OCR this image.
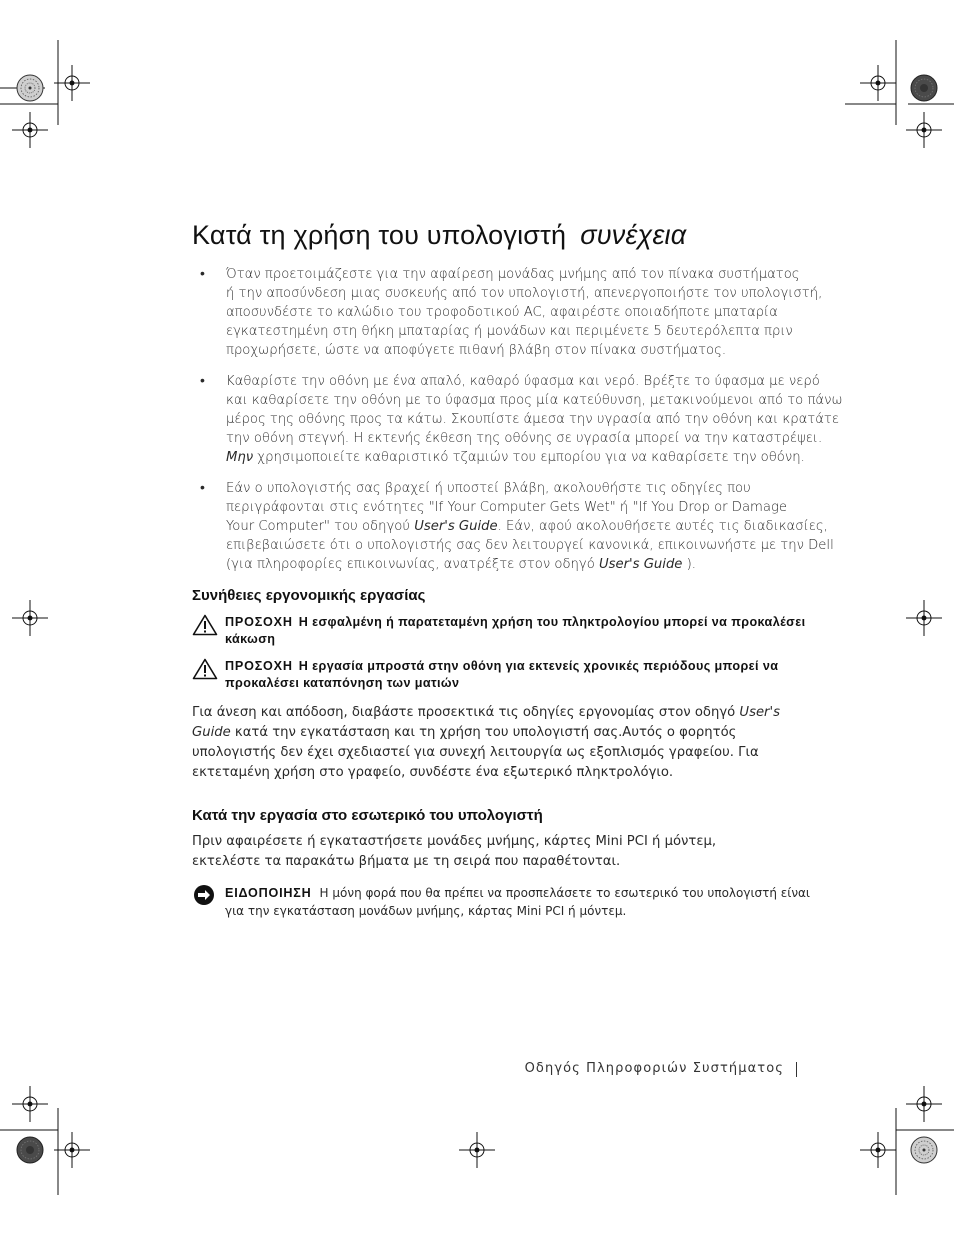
Κατά τη χρήση του υπολογιστή συνέχεια
• Όταν προετοιμάζεστε για την αφαίρεση μονάδας μνήμης από τον πίνακα συστήματος
ή την αποσύνδεση μιας συσκευής από τον υπολογιστή, απενεργοποιήστε τον υπολογιστή,
αποσυνδέστε το καλώδιο του τροφοδοτικού AC, αφαιρέστε οποιαδήποτε μπαταρία
εγκατεστημένη στη θήκη μπαταρίας ή μονάδων και περιμένετε 5 δευτερόλεπτα πριν
προχωρήσετε, ώστε να αποφύγετε πιθανή βλάβη στον πίνακα συστήματος.
• Καθαρίστε την οθόνη με ένα απαλό, καθαρό ύφασμα και νερό. Βρέξτε το ύφασμα με νερό
και καθαρίσετε την οθόνη με το ύφασμα προς μία κατεύθυνση, μετακινούμενοι από το πάνω
μέρος της οθόνης προς τα κάτω. Σκουπίστε άμεσα την υγρασία από την οθόνη και κρατάτε
την οθόνη στεγνή. Η εκτενής έκθεση της οθόνης σε υγρασία μπορεί να την καταστρέψει.
Μην χρησιμοποιείτε καθαριστικό τζαμιών του εμπορίου για να καθαρίσετε την οθόνη.
• Εάν ο υπολογιστής σας βραχεί ή υποστεί βλάβη, ακολουθήστε τις οδηγίες που
περιγράφονται στις ενότητες "If Your Computer Gets Wet" ή "If You Drop or Damage
Your Computer" του οδηγού User's Guide. Εάν, αφού ακολουθήσετε αυτές τις διαδικασίες,
επιβεβαιώσετε ότι ο υπολογιστής σας δεν λειτουργεί κανονικά, επικοινωνήστε με την Dell
(για πληροφορίες επικοινωνίας, ανατρέξτε στον οδηγό User's Guide ).
Συνήθειες εργονομικής εργασίας
ΠΡΟΣΟΧΗ Η εσφαλμένη ή παρατεταμένη χρήση του πληκτρολογίου μπορεί να προκαλέσει κάκωση
ΠΡΟΣΟΧΗ Η εργασία μπροστά στην οθόνη για εκτενείς χρονικές περιόδους μπορεί να προκαλέσει καταπόνηση των ματιών

Για άνεση και απόδοση, διαβάστε προσεκτικά τις οδηγίες εργονομίας στον οδηγό User's Guide κατά την εγκατάσταση και τη χρήση του υπολογιστή σας.Αυτός ο φορητός υπολογιστής δεν έχει σχεδιαστεί για συνεχή λειτουργία ως εξοπλισμός γραφείου. Για εκτεταμένη χρήση στο γραφείο, συνδέστε ένα εξωτερικό πληκτρολόγιο.

Κατά την εργασία στο εσωτερικό του υπολογιστή

Πριν αφαιρέσετε ή εγκαταστήσετε μονάδες μνήμης, κάρτες Mini PCI ή μόντεμ, εκτελέστε τα παρακάτω βήματα με τη σειρά που παραθέτονται.

ΕΙΔΟΠΟΙΗΣΗ Η μόνη φορά που θα πρέπει να προσπελάσετε το εσωτερικό του υπολογιστή είναι για την εγκατάσταση μονάδων μνήμης, κάρτας Mini PCI ή μόντεμ.
Οδηγός Πληροφοριών Συστήματος
